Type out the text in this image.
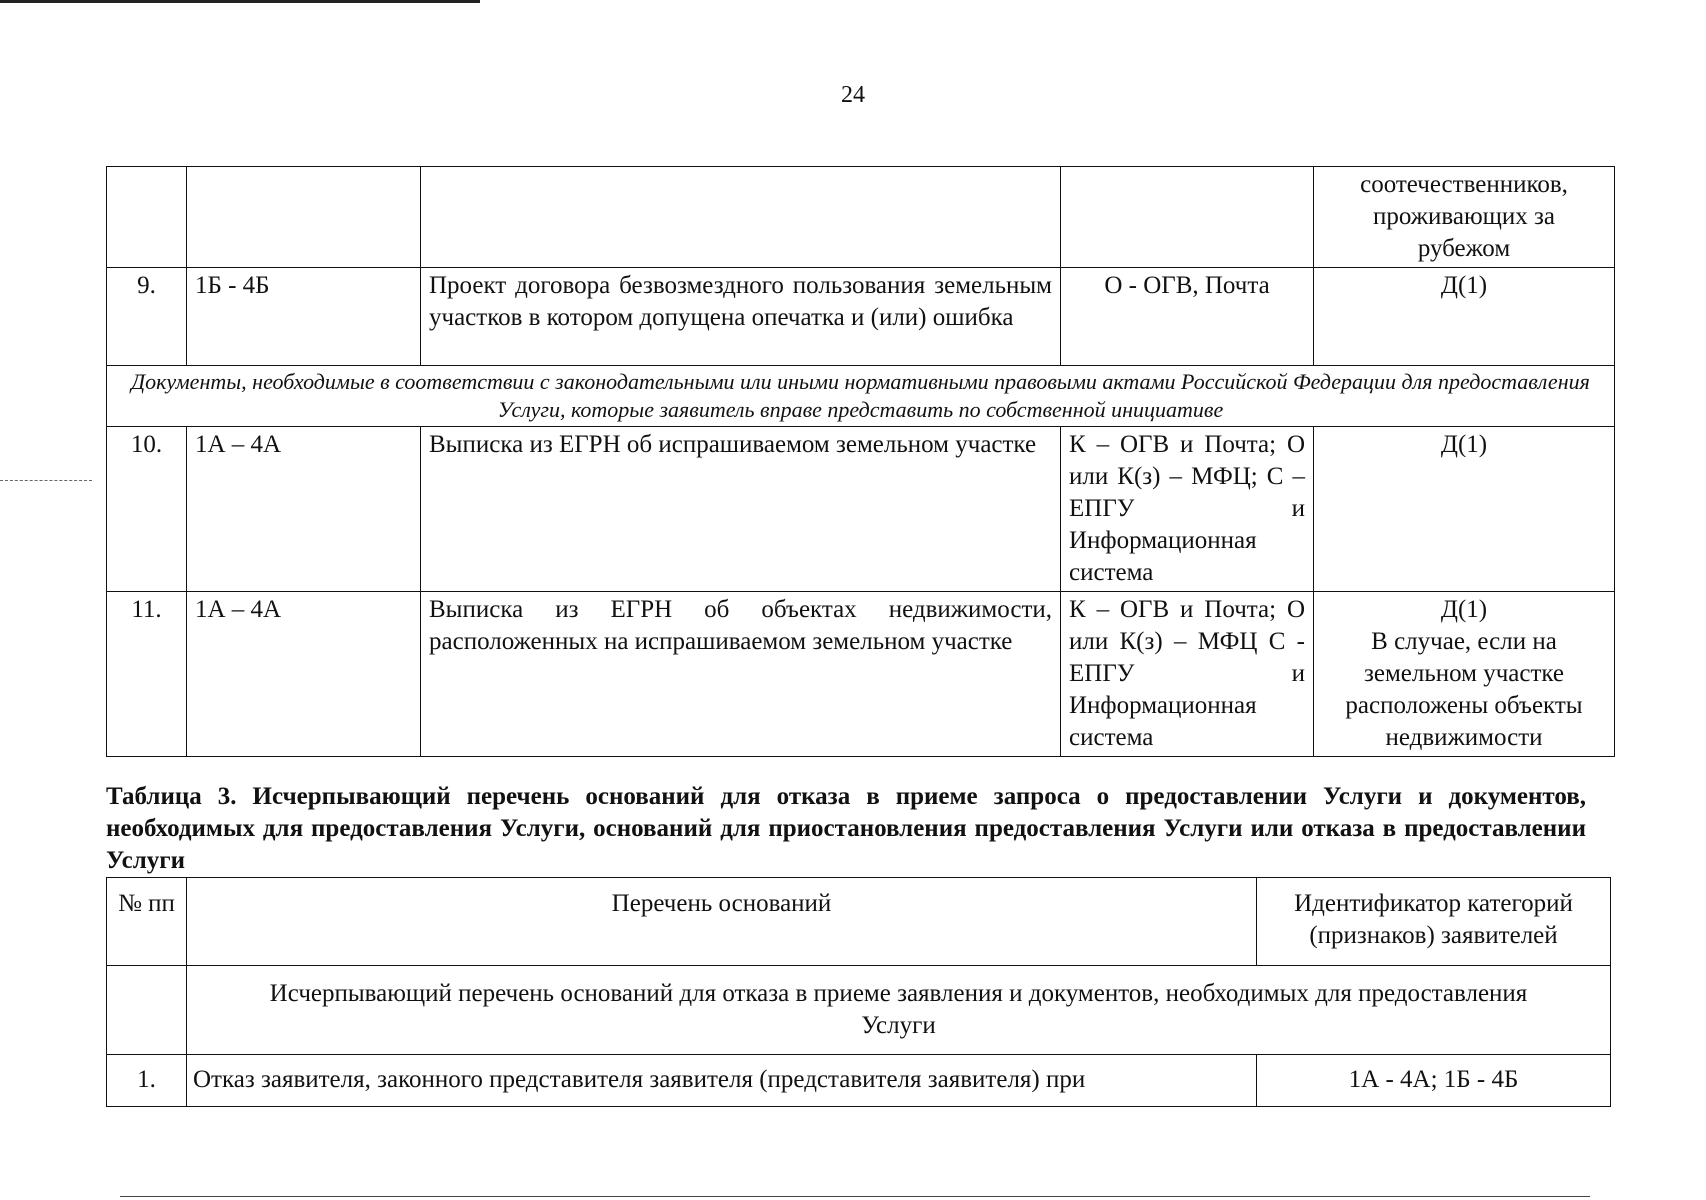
24
				соотечественников,
проживающих за
рубежом
9.	1Б - 4Б	Проект договора безвозмездного пользования земельным участков в котором допущена опечатка и (или) ошибка	О - ОГВ, Почта	Д(1)
Документы, необходимые в соответствии с законодательными или иными нормативными правовыми актами Российской Федерации для предоставления Услуги, которые заявитель вправе представить по собственной инициативе				
10.	1А – 4А	Выписка из ЕГРН об испрашиваемом земельном участке	К – ОГВ и Почта; О или К(з) – МФЦ; С – ЕПГУ и Информационная система	Д(1)
11.	1А – 4А	Выписка из ЕГРН об объектах недвижимости, расположенных на испрашиваемом земельном участке	К – ОГВ и Почта; О или К(з) – МФЦ С - ЕПГУ и Информационная система	Д(1)
В случае, если на
земельном участке
расположены объекты
недвижимости
Таблица 3. Исчерпывающий перечень оснований для отказа в приеме запроса о предоставлении Услуги и документов, необходимых для предоставления Услуги, оснований для приостановления предоставления Услуги или отказа в предоставлении Услуги
№ пп	Перечень оснований	Идентификатор категорий (признаков) заявителей
	Исчерпывающий перечень оснований для отказа в приеме заявления и документов, необходимых для предоставления Услуги	
1.	Отказ заявителя, законного представителя заявителя (представителя заявителя) при	1А - 4А; 1Б - 4Б
